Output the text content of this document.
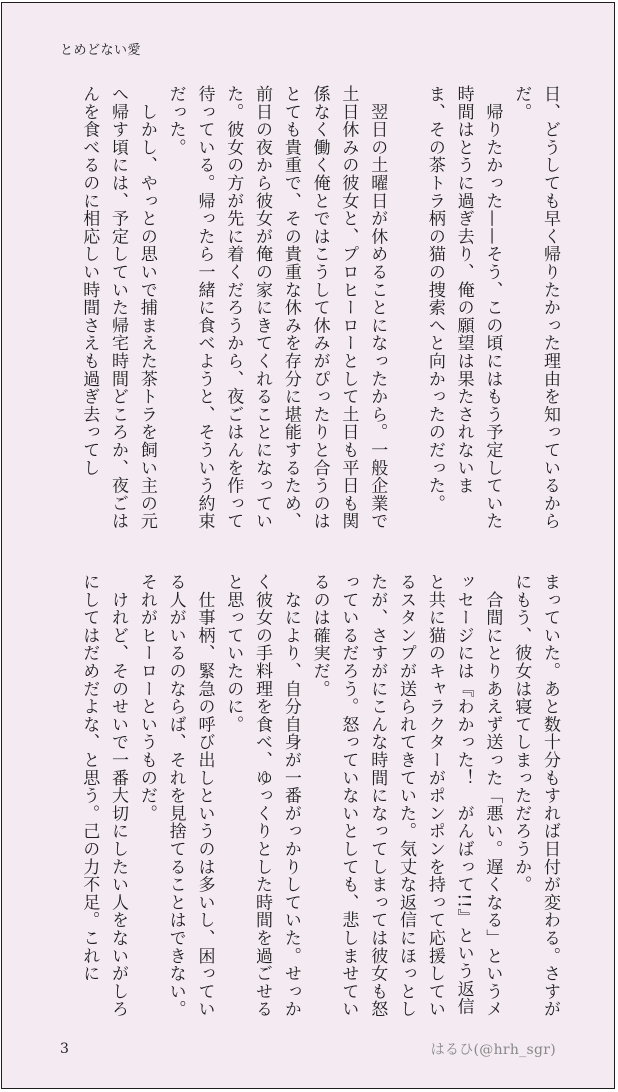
とめどない愛
日、どうしても早く帰りたかった理由を知っているからだ。
　帰りたかった——そう、この頃にはもう予定していた時間はとうに過ぎ去り、俺の願望は果たされないま ま、その茶トラ柄の猫の捜索へと向かったのだった。

　翌日の土曜日が休めることになったから。一般企業で土日休みの彼女と、プロヒーローとして土日も平日も関係なく働く俺とではこうして休みがぴったりと合うのはとても貴重で、その貴重な休みを存分に堪能するため、前日の夜から彼女が俺の家にきてくれることになっていた。彼女の方が先に着くだろうから、夜ごはんを作って待っている。帰ったら一緒に食べようと、そういう約束だった。
　しかし、やっとの思いで捕まえた茶トラを飼い主の元へ帰す頃には、予定していた帰宅時間どころか、夜ごはんを食べるのに相応しい時間さえも過ぎ去ってし
まっていた。あと数十分もすれば日付が変わる。さすがにもう、彼女は寝てしまっただろうか。
　合間にとりあえず送った「悪い。遅くなる」というメッセージには『わかった！　がんばって!!』という返信と共に猫のキャラクターがポンポンを持って応援しているスタンプが送られてきていた。気丈な返信にほっとしたが、さすがにこんな時間になってしまっては彼女も怒っているだろう。怒っていないとしても、悲しませているのは確実だ。
　なにより、自分自身が一番がっかりしていた。せっかく彼女の手料理を食べ、ゆっくりとした時間を過ごせると思っていたのに。
　仕事柄、緊急の呼び出しというのは多いし、困っている人がいるのならば、それを見捨てることはできない。それがヒーローというものだ。
　けれど、そのせいで一番大切にしたい人をないがしろにしてはだめだよな、と思う。己の力不足。これに
3	はるひ(@hrh_sgr)
